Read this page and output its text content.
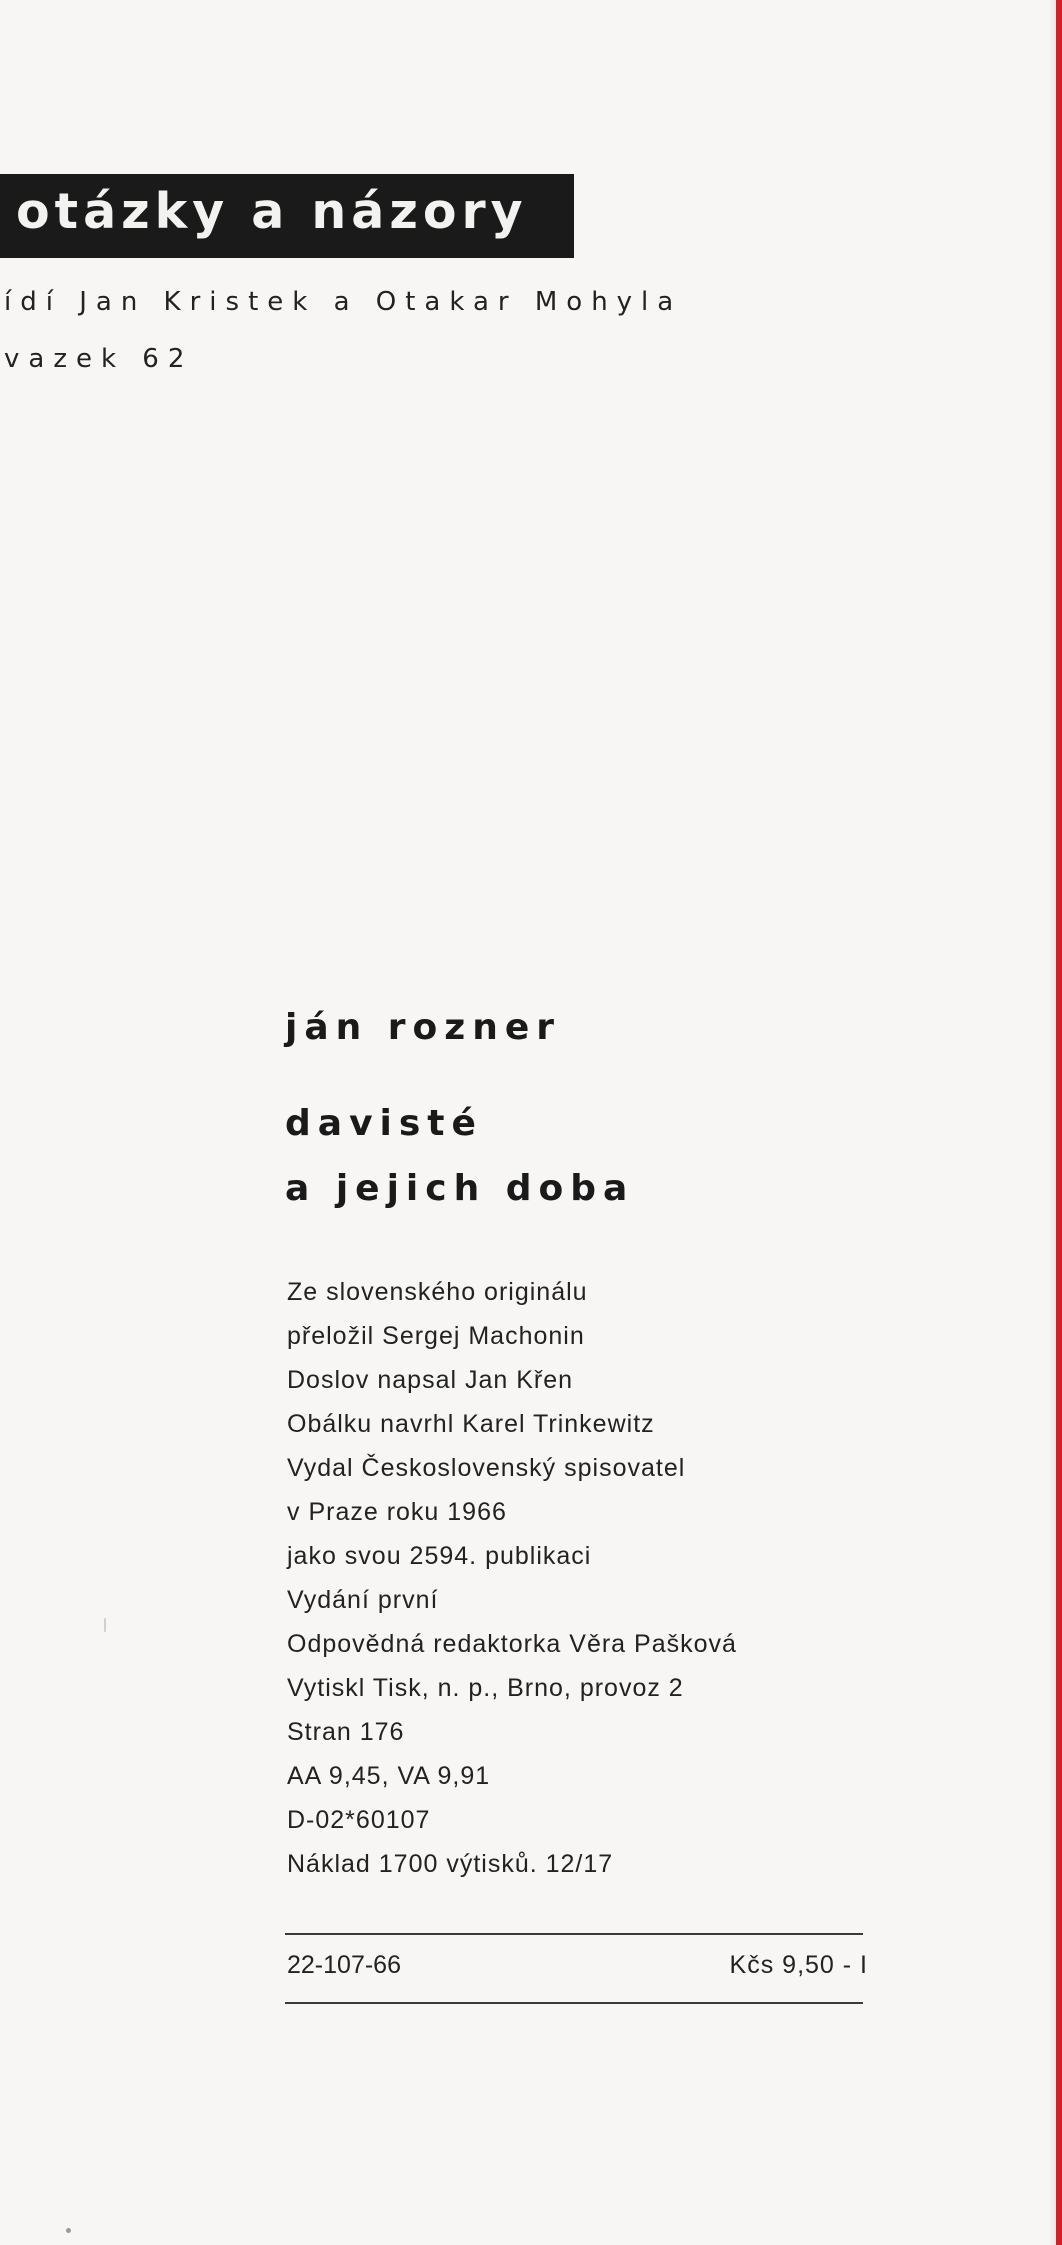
otázky a názory
ídí Jan Kristek a Otakar Mohyla
vazek 62
ján rozner
davisté
a jejich doba
Ze slovenského originálu
přeložil Sergej Machonin
Doslov napsal Jan Křen
Obálku navrhl Karel Trinkewitz
Vydal Československý spisovatel
v Praze roku 1966
jako svou 2594. publikaci
Vydání první
Odpovědná redaktorka Věra Pašková
Vytiskl Tisk, n. p., Brno, provoz 2
Stran 176
AA 9,45, VA 9,91
D-02*60107
Náklad 1700 výtisků. 12/17
22-107-66	Kčs 9,50 - I
